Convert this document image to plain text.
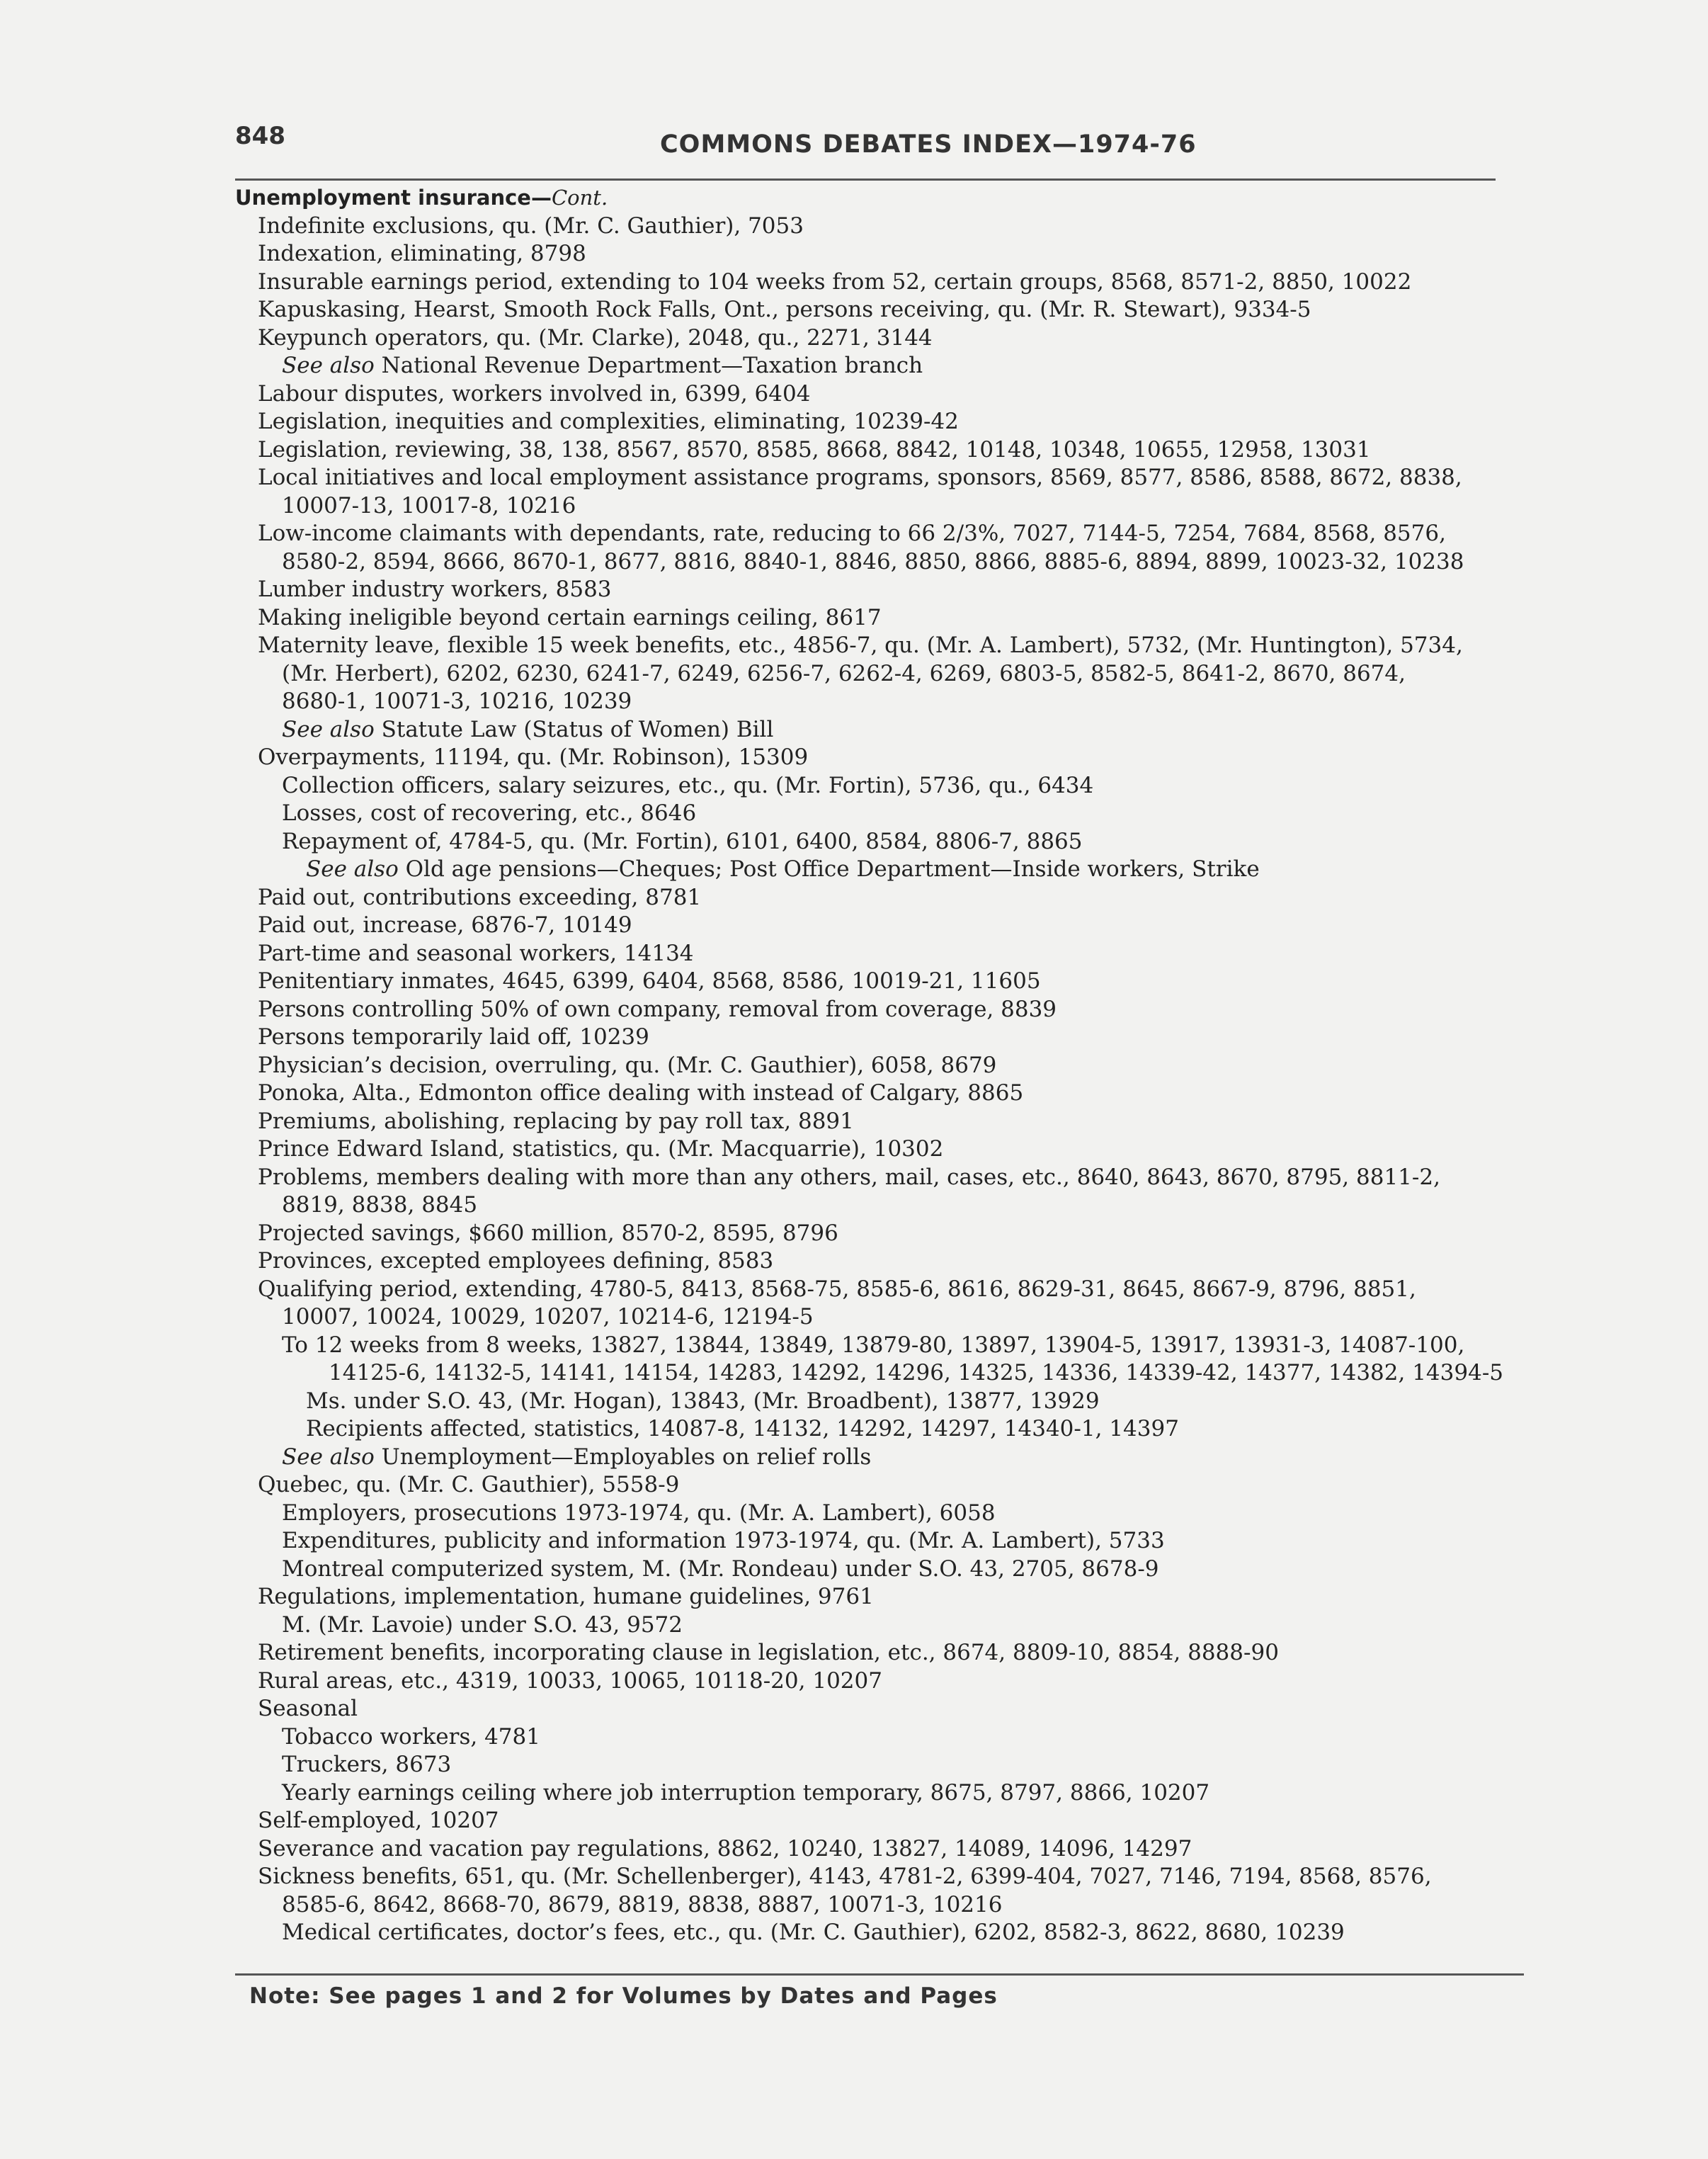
848	COMMONS DEBATES INDEX—1974-76
Unemployment insurance—Cont.
Indefinite exclusions, qu. (Mr. C. Gauthier), 7053
Indexation, eliminating, 8798
Insurable earnings period, extending to 104 weeks from 52, certain groups, 8568, 8571-2, 8850, 10022
Kapuskasing, Hearst, Smooth Rock Falls, Ont., persons receiving, qu. (Mr. R. Stewart), 9334-5
Keypunch operators, qu. (Mr. Clarke), 2048, qu., 2271, 3144
See also National Revenue Department—Taxation branch
Labour disputes, workers involved in, 6399, 6404
Legislation, inequities and complexities, eliminating, 10239-42
Legislation, reviewing, 38, 138, 8567, 8570, 8585, 8668, 8842, 10148, 10348, 10655, 12958, 13031
Local initiatives and local employment assistance programs, sponsors, 8569, 8577, 8586, 8588, 8672, 8838,
10007-13, 10017-8, 10216
Low-income claimants with dependants, rate, reducing to 66 2/3%, 7027, 7144-5, 7254, 7684, 8568, 8576,
8580-2, 8594, 8666, 8670-1, 8677, 8816, 8840-1, 8846, 8850, 8866, 8885-6, 8894, 8899, 10023-32, 10238
Lumber industry workers, 8583
Making ineligible beyond certain earnings ceiling, 8617
Maternity leave, flexible 15 week benefits, etc., 4856-7, qu. (Mr. A. Lambert), 5732, (Mr. Huntington), 5734,
(Mr. Herbert), 6202, 6230, 6241-7, 6249, 6256-7, 6262-4, 6269, 6803-5, 8582-5, 8641-2, 8670, 8674,
8680-1, 10071-3, 10216, 10239
See also Statute Law (Status of Women) Bill
Overpayments, 11194, qu. (Mr. Robinson), 15309
Collection officers, salary seizures, etc., qu. (Mr. Fortin), 5736, qu., 6434
Losses, cost of recovering, etc., 8646
Repayment of, 4784-5, qu. (Mr. Fortin), 6101, 6400, 8584, 8806-7, 8865
See also Old age pensions—Cheques; Post Office Department—Inside workers, Strike
Paid out, contributions exceeding, 8781
Paid out, increase, 6876-7, 10149
Part-time and seasonal workers, 14134
Penitentiary inmates, 4645, 6399, 6404, 8568, 8586, 10019-21, 11605
Persons controlling 50% of own company, removal from coverage, 8839
Persons temporarily laid off, 10239
Physician’s decision, overruling, qu. (Mr. C. Gauthier), 6058, 8679
Ponoka, Alta., Edmonton office dealing with instead of Calgary, 8865
Premiums, abolishing, replacing by pay roll tax, 8891
Prince Edward Island, statistics, qu. (Mr. Macquarrie), 10302
Problems, members dealing with more than any others, mail, cases, etc., 8640, 8643, 8670, 8795, 8811-2,
8819, 8838, 8845
Projected savings, $660 million, 8570-2, 8595, 8796
Provinces, excepted employees defining, 8583
Qualifying period, extending, 4780-5, 8413, 8568-75, 8585-6, 8616, 8629-31, 8645, 8667-9, 8796, 8851,
10007, 10024, 10029, 10207, 10214-6, 12194-5
To 12 weeks from 8 weeks, 13827, 13844, 13849, 13879-80, 13897, 13904-5, 13917, 13931-3, 14087-100,
14125-6, 14132-5, 14141, 14154, 14283, 14292, 14296, 14325, 14336, 14339-42, 14377, 14382, 14394-5
Ms. under S.O. 43, (Mr. Hogan), 13843, (Mr. Broadbent), 13877, 13929
Recipients affected, statistics, 14087-8, 14132, 14292, 14297, 14340-1, 14397
See also Unemployment—Employables on relief rolls
Quebec, qu. (Mr. C. Gauthier), 5558-9
Employers, prosecutions 1973-1974, qu. (Mr. A. Lambert), 6058
Expenditures, publicity and information 1973-1974, qu. (Mr. A. Lambert), 5733
Montreal computerized system, M. (Mr. Rondeau) under S.O. 43, 2705, 8678-9
Regulations, implementation, humane guidelines, 9761
M. (Mr. Lavoie) under S.O. 43, 9572
Retirement benefits, incorporating clause in legislation, etc., 8674, 8809-10, 8854, 8888-90
Rural areas, etc., 4319, 10033, 10065, 10118-20, 10207
Seasonal
Tobacco workers, 4781
Truckers, 8673
Yearly earnings ceiling where job interruption temporary, 8675, 8797, 8866, 10207
Self-employed, 10207
Severance and vacation pay regulations, 8862, 10240, 13827, 14089, 14096, 14297
Sickness benefits, 651, qu. (Mr. Schellenberger), 4143, 4781-2, 6399-404, 7027, 7146, 7194, 8568, 8576,
8585-6, 8642, 8668-70, 8679, 8819, 8838, 8887, 10071-3, 10216
Medical certificates, doctor’s fees, etc., qu. (Mr. C. Gauthier), 6202, 8582-3, 8622, 8680, 10239
Note: See pages 1 and 2 for Volumes by Dates and Pages
